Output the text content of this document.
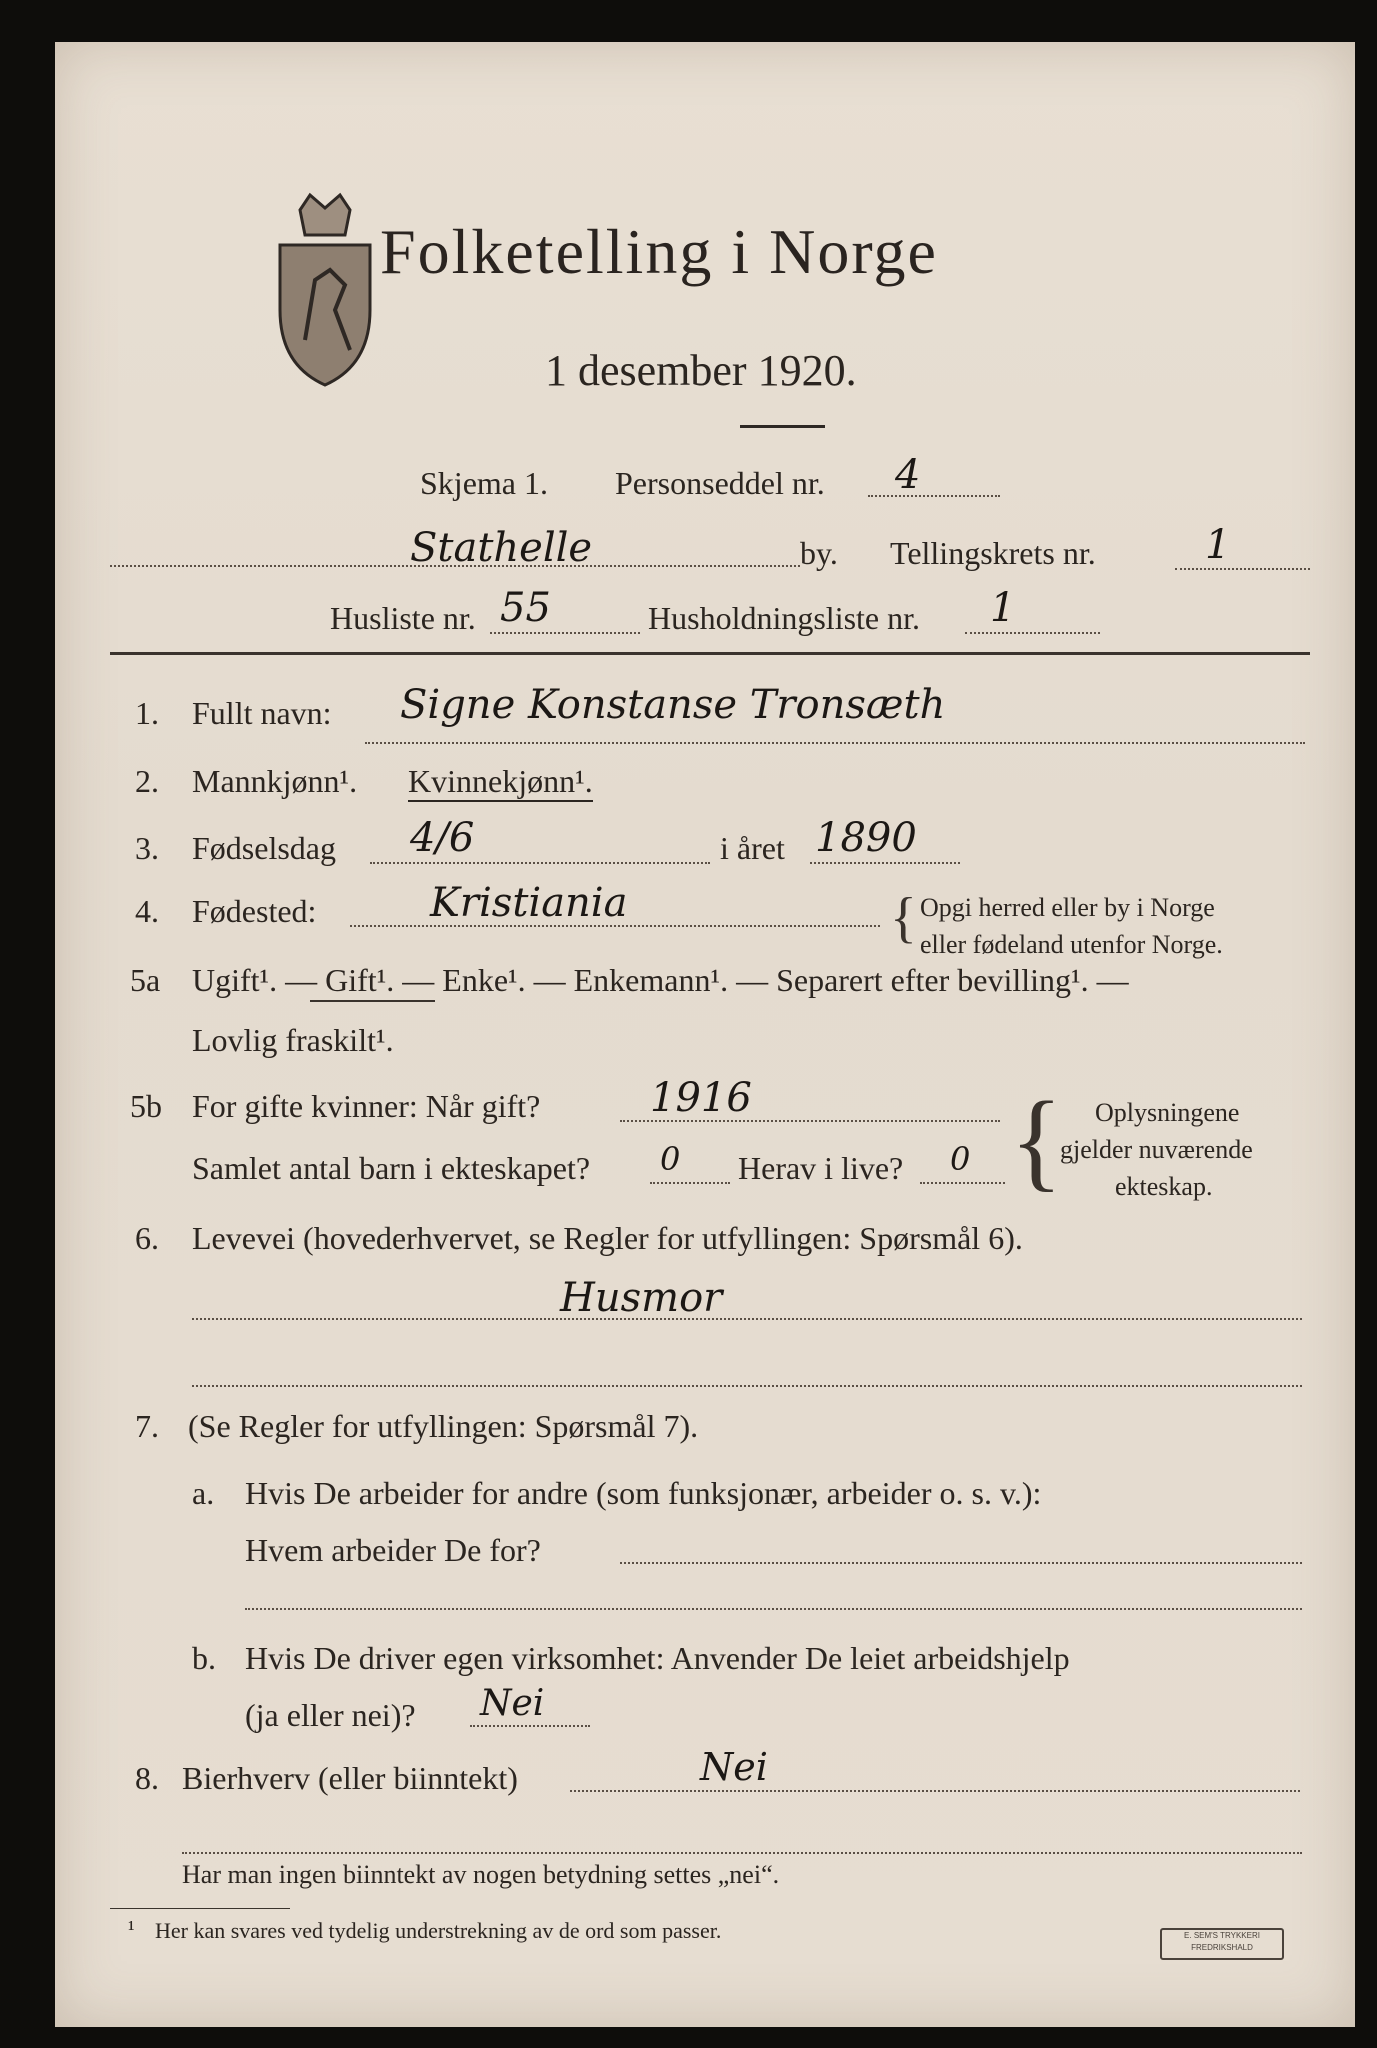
Folketelling i Norge
1 desember 1920.
Skjema 1. Personseddel nr. 4
Stathelle	by. Tellingskrets nr.	1
Husliste nr. 55	Husholdningsliste nr. 1
1. Fullt navn: Signe Konstanse Tronsæth
2. Mannkjønn¹. Kvinnekjønn¹.
3. Fødselsdag 4/6	i året 1890
4. Fødested:	Kristiania	{ Opgi herred eller by i Norge
eller fødeland utenfor Norge.
5a Ugift¹. — Gift¹. — Enke¹. — Enkemann¹. — Separert efter bevilling¹. —
Lovlig fraskilt¹.
5b For gifte kvinner: Når gift?	1916
Samlet antal barn i ekteskapet? 0 Herav i live? 0 { Oplysningene
gjelder nuværende
ekteskap.
6. Levevei (hovederhvervet, se Regler for utfyllingen: Spørsmål 6).
Husmor
7. (Se Regler for utfyllingen: Spørsmål 7).
a. Hvis De arbeider for andre (som funksjonær, arbeider o. s. v.):
Hvem arbeider De for?
b. Hvis De driver egen virksomhet: Anvender De leiet arbeidshjelp
(ja eller nei)? Nei
8. Bierhverv (eller biinntekt)	Nei
Har man ingen biinntekt av nogen betydning settes „nei“.
¹ Her kan svares ved tydelig understrekning av de ord som passer.	E. SEM'S TRYKKERI FREDRIKSHALD
